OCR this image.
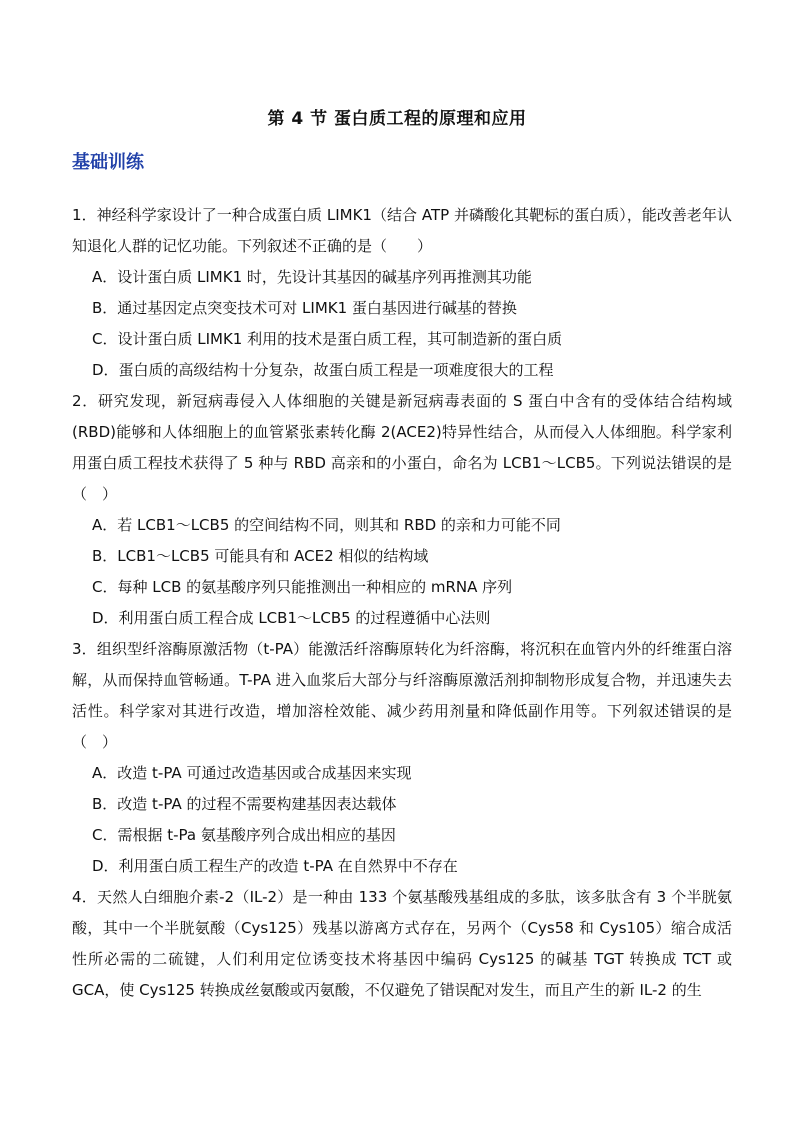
第 4 节 蛋白质工程的原理和应用
基础训练

1．神经科学家设计了一种合成蛋白质 LIMK1（结合 ATP 并磷酸化其靶标的蛋白质），能改善老年认知退化人群的记忆功能。下列叙述不正确的是（　　）

A．设计蛋白质 LIMK1 时，先设计其基因的碱基序列再推测其功能

B．通过基因定点突变技术可对 LIMK1 蛋白基因进行碱基的替换

C．设计蛋白质 LIMK1 利用的技术是蛋白质工程，其可制造新的蛋白质

D．蛋白质的高级结构十分复杂，故蛋白质工程是一项难度很大的工程

2．研究发现，新冠病毒侵入人体细胞的关键是新冠病毒表面的 S 蛋白中含有的受体结合结构域(RBD)能够和人体细胞上的血管紧张素转化酶 2(ACE2)特异性结合，从而侵入人体细胞。科学家利用蛋白质工程技术获得了 5 种与 RBD 高亲和的小蛋白，命名为 LCB1～LCB5。下列说法错误的是（　）

A．若 LCB1～LCB5 的空间结构不同，则其和 RBD 的亲和力可能不同

B．LCB1～LCB5 可能具有和 ACE2 相似的结构域

C．每种 LCB 的氨基酸序列只能推测出一种相应的 mRNA 序列

D．利用蛋白质工程合成 LCB1～LCB5 的过程遵循中心法则

3．组织型纤溶酶原激活物（t-PA）能激活纤溶酶原转化为纤溶酶，将沉积在血管内外的纤维蛋白溶解，从而保持血管畅通。T-PA 进入血浆后大部分与纤溶酶原激活剂抑制物形成复合物，并迅速失去活性。科学家对其进行改造，增加溶栓效能、减少药用剂量和降低副作用等。下列叙述错误的是（　）

A．改造 t-PA 可通过改造基因或合成基因来实现

B．改造 t-PA 的过程不需要构建基因表达载体

C．需根据 t-Pa 氨基酸序列合成出相应的基因

D．利用蛋白质工程生产的改造 t-PA 在自然界中不存在

4．天然人白细胞介素-2（IL-2）是一种由 133 个氨基酸残基组成的多肽，该多肽含有 3 个半胱氨酸，其中一个半胱氨酸（Cys125）残基以游离方式存在，另两个（Cys58 和 Cys105）缩合成活性所必需的二硫键，人们利用定位诱变技术将基因中编码 Cys125 的碱基 TGT 转换成 TCT 或 GCA，使 Cys125 转换成丝氨酸或丙氨酸，不仅避免了错误配对发生，而且产生的新 IL-2 的生
